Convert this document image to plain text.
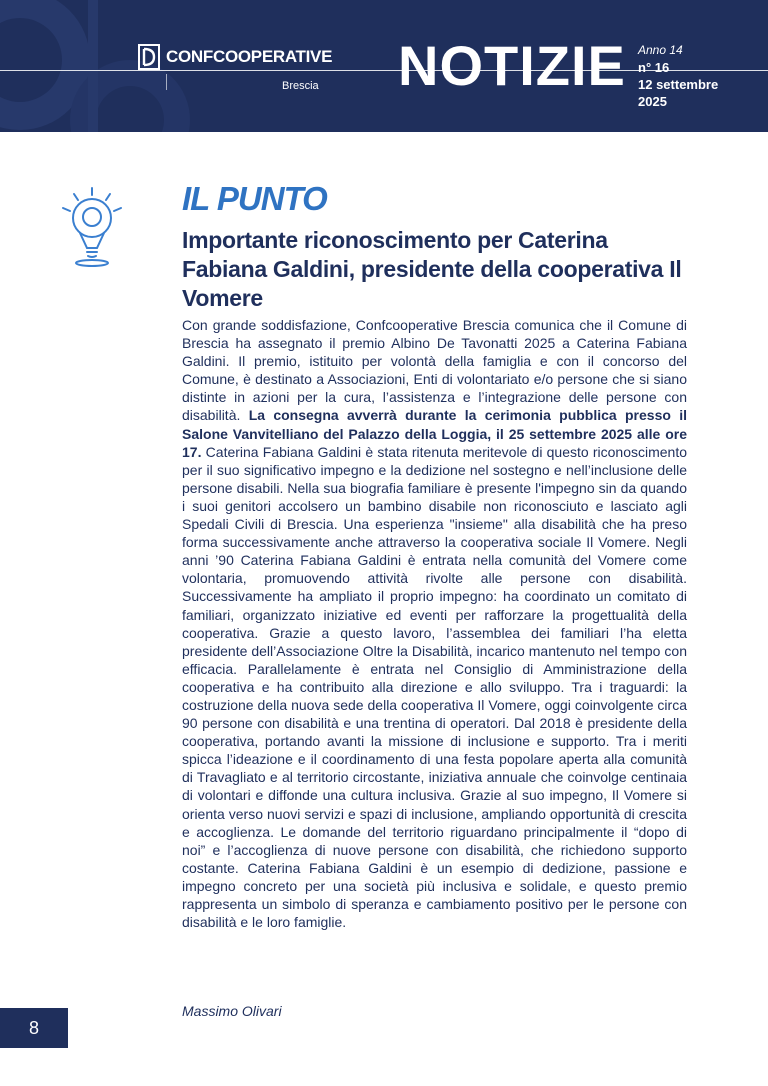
CONFCOOPERATIVE
Brescia NOTIZIE Anno 14
n° 16
12 settembre
2025
IL PUNTO
Importante riconoscimento per Caterina Fabiana Galdini, presidente della cooperativa Il Vomere

Con grande soddisfazione, Confcooperative Brescia comunica che il Comune di Brescia ha assegnato il premio Albino De Tavonatti 2025 a Caterina Fabiana Galdini. Il premio, istituito per volontà della famiglia e con il concorso del Comune, è destinato a Associazioni, Enti di volontariato e/o persone che si siano distinte in azioni per la cura, l’assistenza e l’integrazione delle persone con disabilità. La consegna avverrà durante la cerimonia pubblica presso il Salone Vanvitelliano del Palazzo della Loggia, il 25 settembre 2025 alle ore 17. Caterina Fabiana Galdini è stata ritenuta meritevole di questo riconoscimento per il suo significativo impegno e la dedizione nel sostegno e nell’inclusione delle persone disabili. Nella sua biografia familiare è presente l'impegno sin da quando i suoi genitori accolsero un bambino disabile non riconosciuto e lasciato agli Spedali Civili di Brescia. Una esperienza "insieme" alla disabilità che ha preso forma successivamente anche attraverso la cooperativa sociale Il Vomere. Negli anni ’90 Caterina Fabiana Galdini è entrata nella comunità del Vomere come volontaria, promuovendo attività rivolte alle persone con disabilità. Successivamente ha ampliato il proprio impegno: ha coordinato un comitato di familiari, organizzato iniziative ed eventi per rafforzare la progettualità della cooperativa. Grazie a questo lavoro, l’assemblea dei familiari l’ha eletta presidente dell’Associazione Oltre la Disabilità, incarico mantenuto nel tempo con efficacia. Parallelamente è entrata nel Consiglio di Amministrazione della cooperativa e ha contribuito alla direzione e allo sviluppo. Tra i traguardi: la costruzione della nuova sede della cooperativa Il Vomere, oggi coinvolgente circa 90 persone con disabilità e una trentina di operatori. Dal 2018 è presidente della cooperativa, portando avanti la missione di inclusione e supporto. Tra i meriti spicca l’ideazione e il coordinamento di una festa popolare aperta alla comunità di Travagliato e al territorio circostante, iniziativa annuale che coinvolge centinaia di volontari e diffonde una cultura inclusiva. Grazie al suo impegno, Il Vomere si orienta verso nuovi servizi e spazi di inclusione, ampliando opportunità di crescita e accoglienza. Le domande del territorio riguardano principalmente il “dopo di noi” e l’accoglienza di nuove persone con disabilità, che richiedono supporto costante. Caterina Fabiana Galdini è un esempio di dedizione, passione e impegno concreto per una società più inclusiva e solidale, e questo premio rappresenta un simbolo di speranza e cambiamento positivo per le persone con disabilità e le loro famiglie.

Massimo Olivari
8
